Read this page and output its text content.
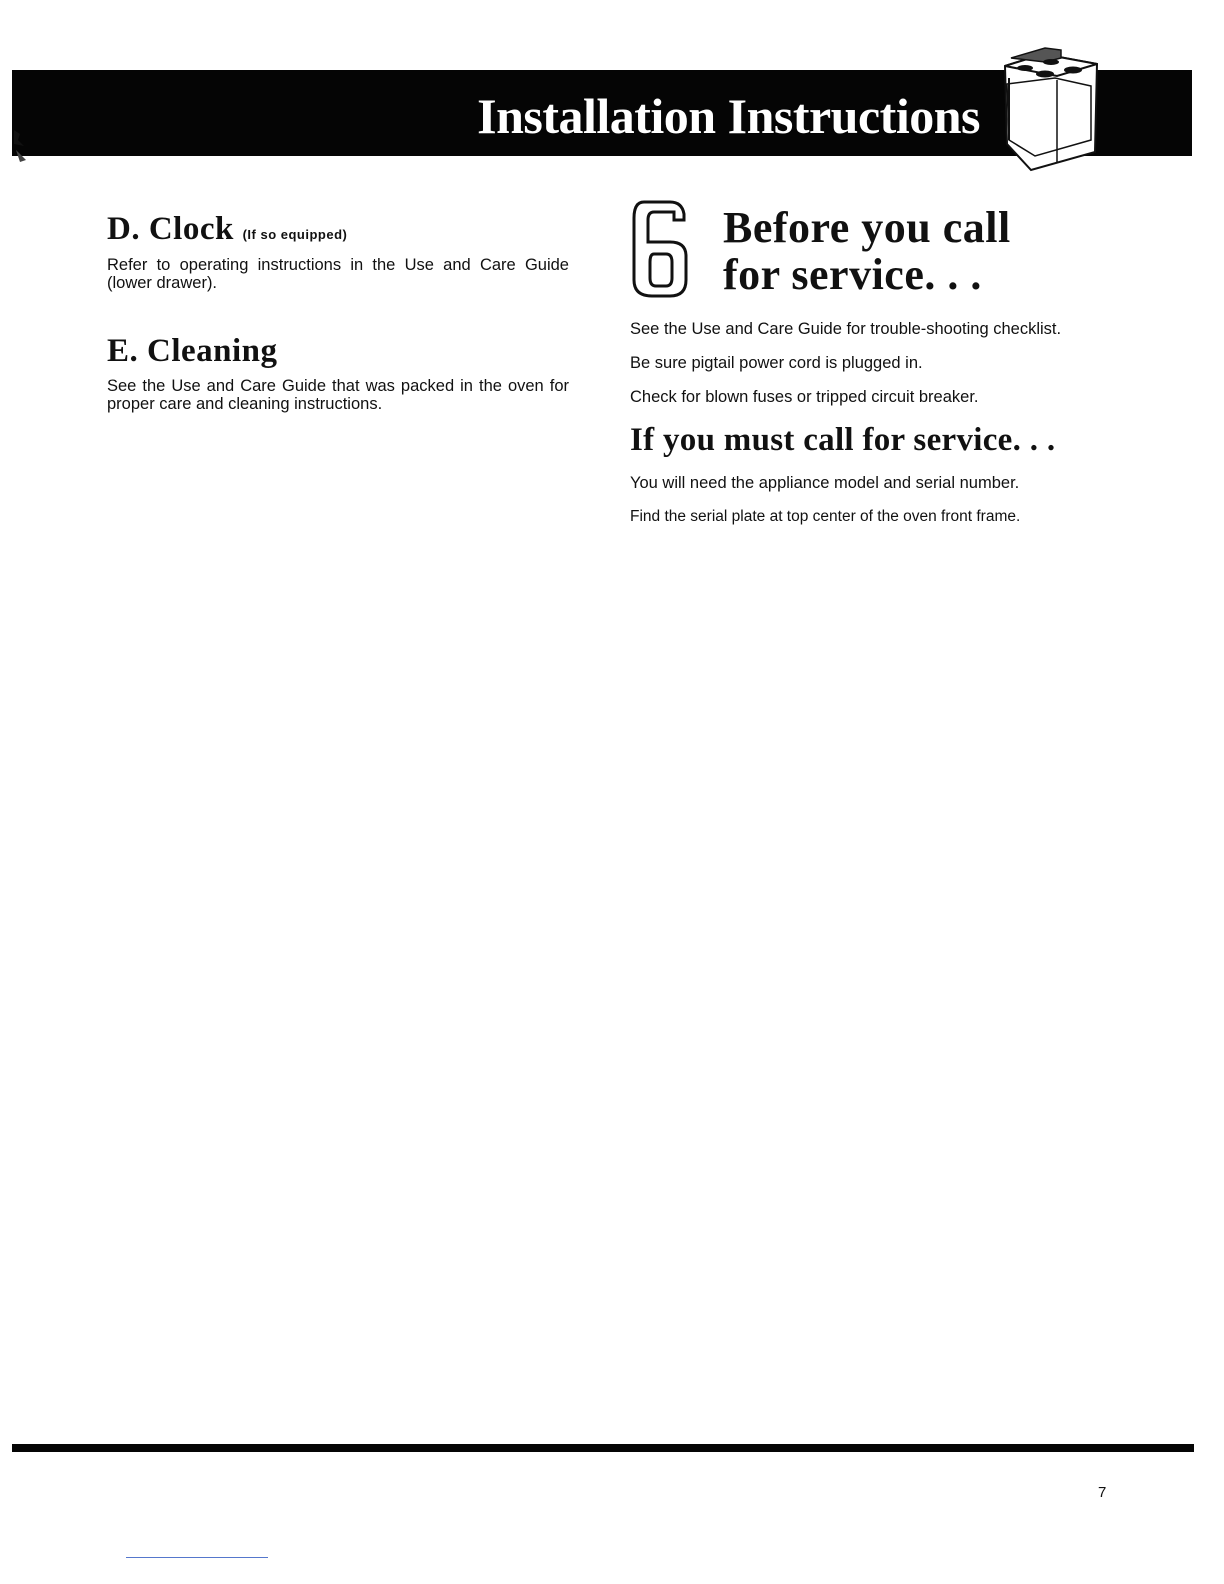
Installation Instructions
D. Clock (If so equipped)

Refer to operating instructions in the Use and Care Guide (lower drawer).

E. Cleaning

See the Use and Care Guide that was packed in the oven for proper care and cleaning instructions.

Before you call
for service. . .

See the Use and Care Guide for trouble-shooting checklist.

Be sure pigtail power cord is plugged in.

Check for blown fuses or tripped circuit breaker.

If you must call for service. . .

You will need the appliance model and serial number.

Find the serial plate at top center of the oven front frame.

7
